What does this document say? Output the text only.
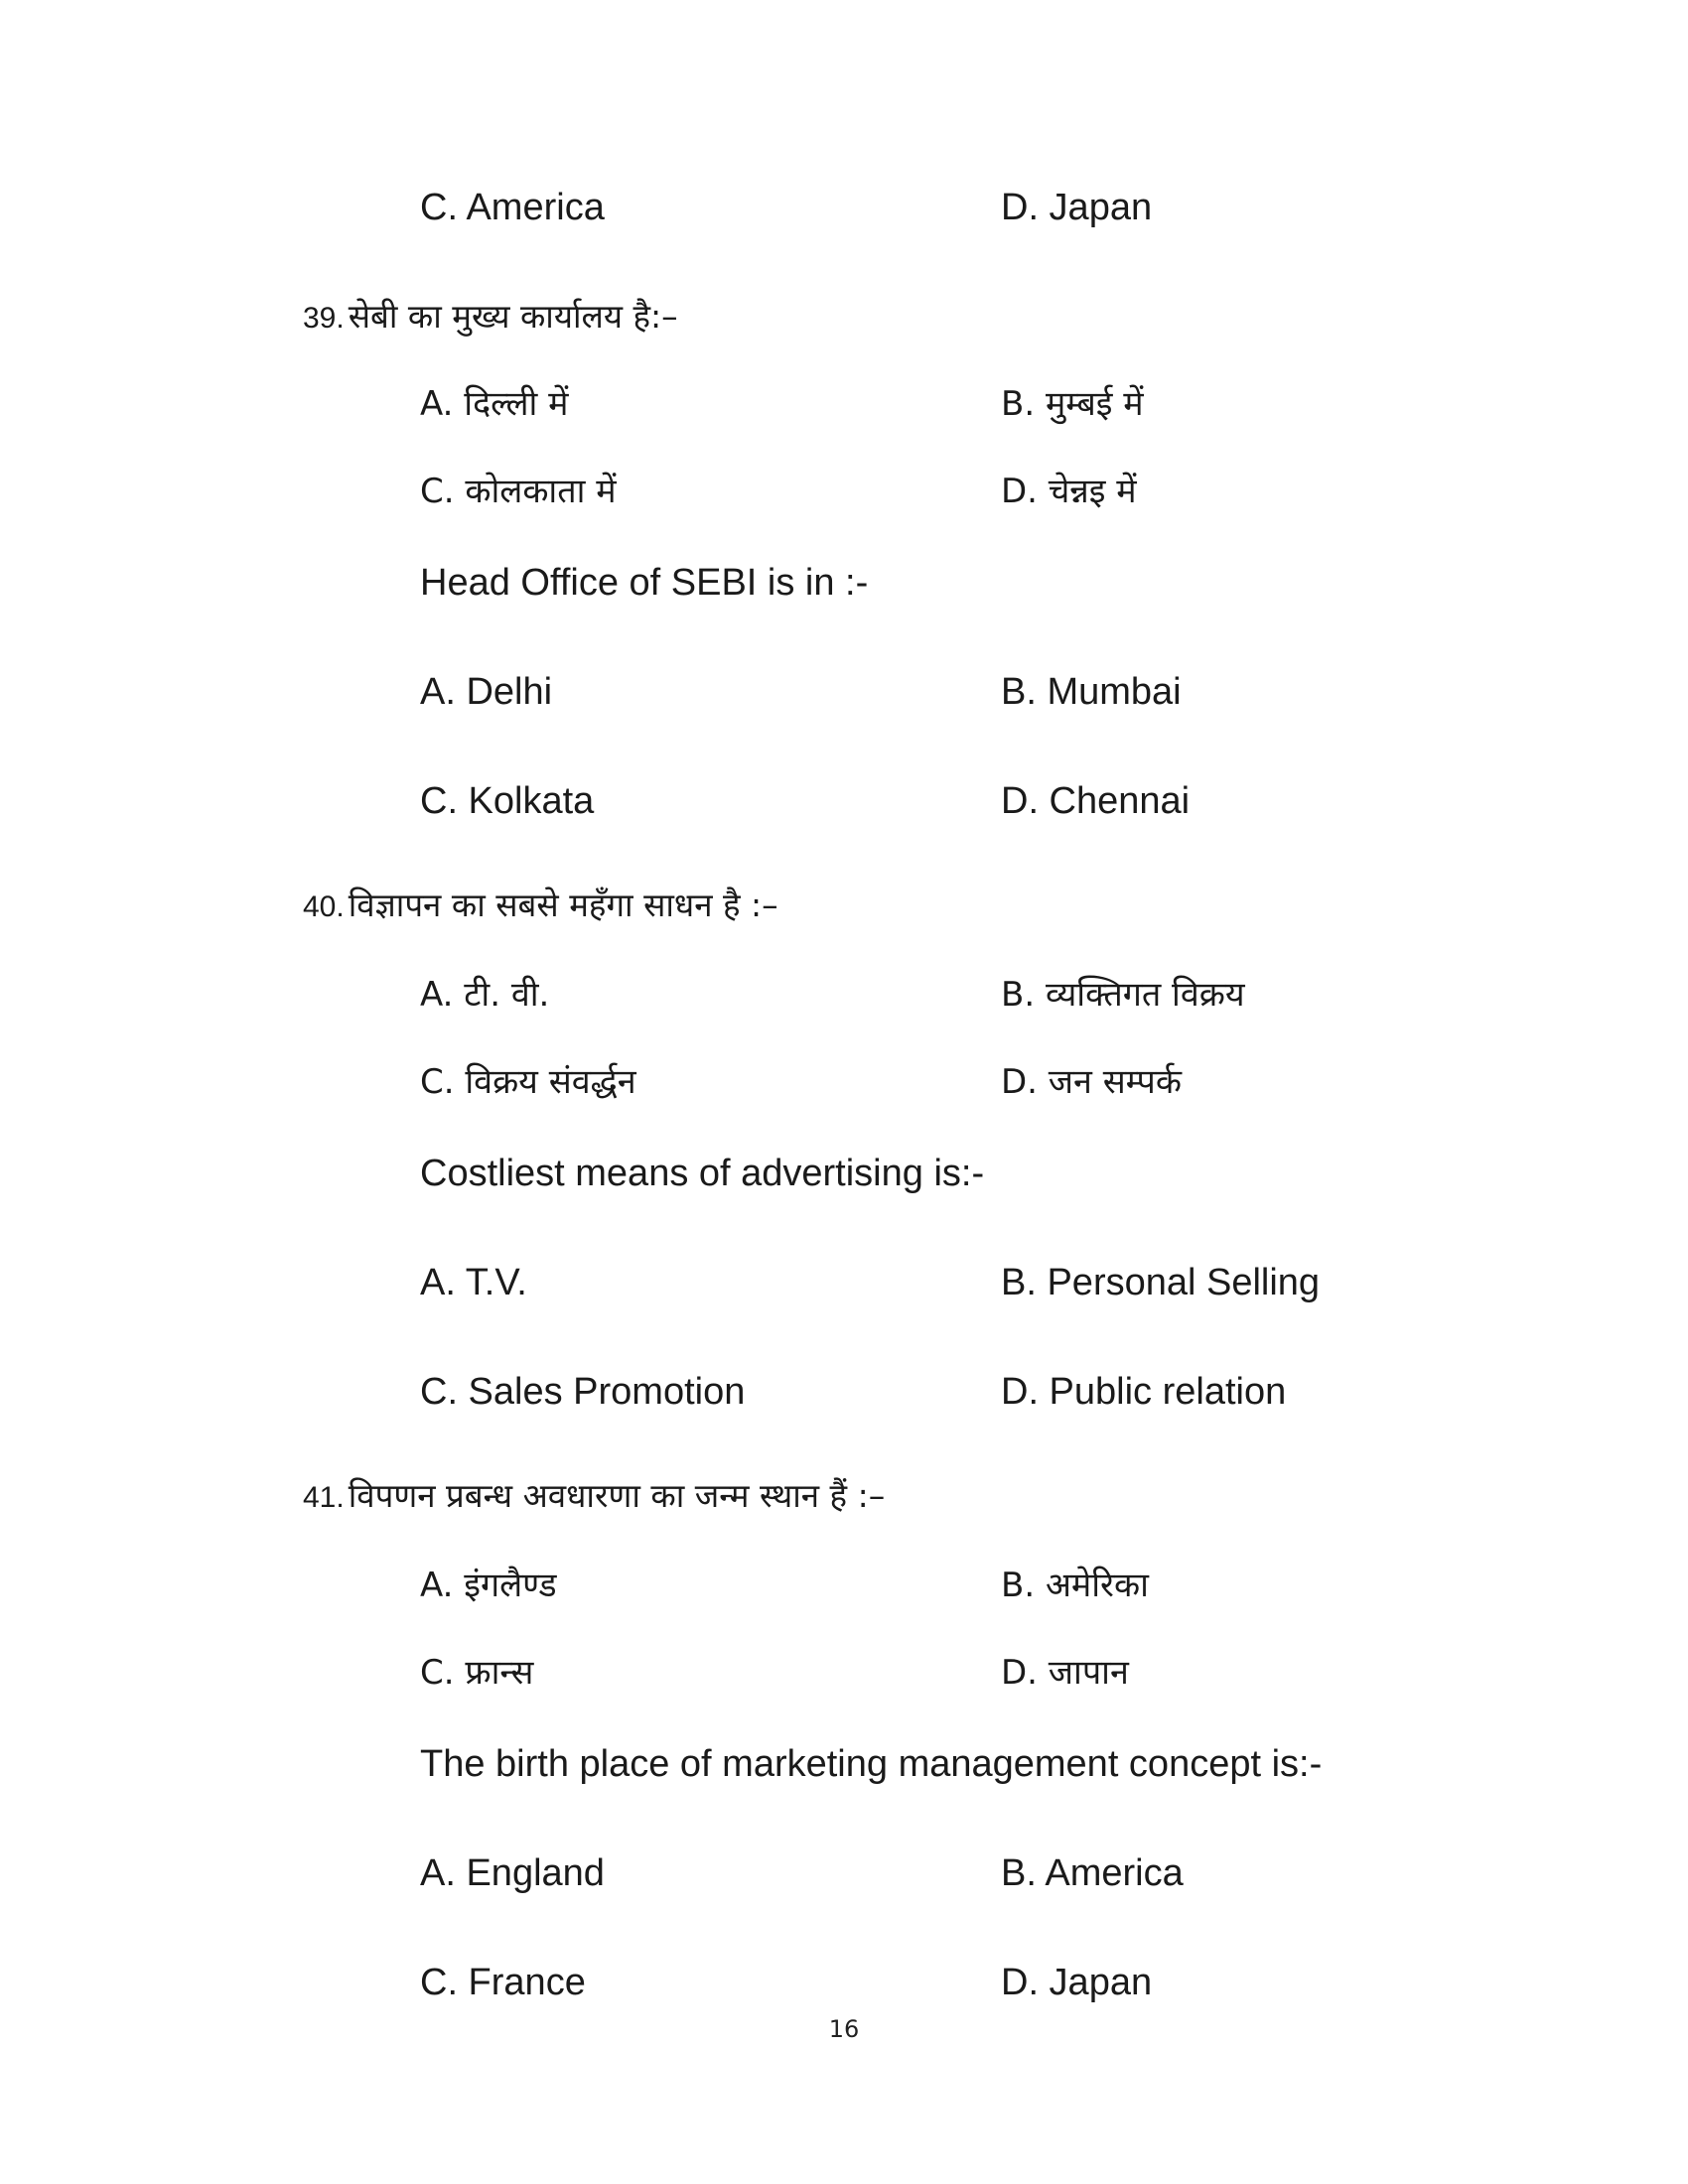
C. America	D. Japan
39. सेबी का मुख्य कार्यालय है:–
A. दिल्ली में	B. मुम्बई में
C. कोलकाता में	D. चेन्नइ में
Head Office of SEBI is in :-
A. Delhi	B. Mumbai
C. Kolkata	D. Chennai
40. विज्ञापन का सबसे महँगा साधन है :–
A. टी. वी.	B. व्यक्तिगत विक्रय
C. विक्रय संवर्द्धन	D. जन सम्पर्क
Costliest means of advertising is:-
A. T.V.	B. Personal Selling
C. Sales Promotion	D. Public relation
41. विपणन प्रबन्ध अवधारणा का जन्म स्थान हैं :–
A. इंगलैण्ड	B. अमेरिका
C. फ्रान्स	D. जापान
The birth place of marketing management concept is:-
A. England	B. America
C. France	D. Japan
16
